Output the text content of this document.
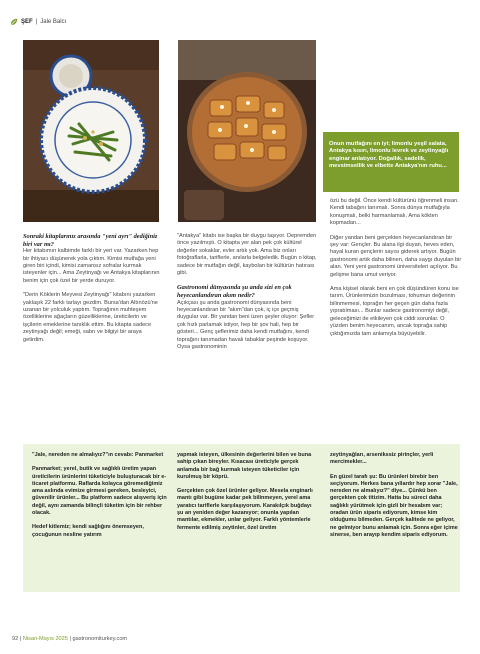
ŞEF | Jale Balcı

Onun mutfağını en iyi; limonlu yeşil salata, Antakya kısırı, limonlu levrek ve zeytinyağlı enginar anlatıyor. Doğallık, sadelik, mevsimsellik ve elbette Antakya'nın ruhu...

Sonraki kitaplarınız arasında "yeni ayrı" dediğiniz biri var mı?

Her kitabımın kalbimde farklı bir yeri var. Yazarken hep bir ihtiyacı düşünerek yola çıktım. Kimisi mutfağa yeni giren biri içindi, kimisi zamansız sofralar kurmak isteyenler için... Ama Zeytinyağı ve Antakya kitaplarının benim için çok özel bir yerde duruyor.

"Derin Köklerin Meyvesi Zeytinyağı" kitabını yazarken yaklaşık 22 farklı tarlayı gezdim. Bursa'dan Altınözü'ne uzanan bir yolculuk yaptım. Toprağının muhteşem özelliklerine ağaçların güzelliklerine, üreticilerin ve işçilerin emeklerine tanıklık ettim. Bu kitapta sadece zeytinyağı değil; emeği, sabrı ve bilgiyi bir araya getirdim.

"Antakya" kitabı ise başka bir duygu taşıyor. Depremden önce yazılmıştı. O kitapta yer alan pek çok kültürel değerler sokaklar, evler artık yok. Ama biz onları fotoğraflarla, tariflerle, anılarla belgeledik. Bugün o kitap, sadece bir mutfağın değil, kaybolan bir kültürün hatırası gibi.

Gastronomi dünyasında şu anda sizi en çok heyecanlandıran akım nedir?

Açıkçası şu anda gastronomi dünyasında beni heyecanlandıran bir "akım"dan çok, iç içe geçmiş duygular var. Bir yandan beni üzen şeyler oluyor: Şefler çok hızlı parlamak istiyor, hep bir şov hali, hep bir gösteri... Genç şeflerimiz daha kendi mutfağını, kendi toprağını tanımadan havalı tabaklar peşinde koşuyor. Oysa gastronominin

özü bu değil. Önce kendi kültürünü öğrenmeli insan. Kendi tabağını tanımalı. Sonra dünya mutfağıyla konuşmalı, belki harmanlamalı. Ama kökten kopmadan...

Diğer yandan beni gerçekten heyecanlandıran bir şey var: Gençler. Bu alana ilgi duyan, heves eden, hayal kuran gençlerin sayısı giderek artıyor. Bugün gastronomi artık daha bilinen, daha saygı duyulan bir alan. Yeni yeni gastronomi üniversiteleri açılıyor. Bu gelişme bana umut veriyor.

Ama kişisel olarak beni en çok düşündüren konu ise tarım. Ürünlerimizin bozulması, tohumun değerinin bilinmemesi, toprağın her geçen gün daha fazla yıpratılması... Bunlar sadece gastronomiyi değil, geleceğimizi de etkileyen çok ciddi sorunlar. O yüzden benim heyecanım, ancak toprağa sahip çıktığımızda tam anlamıyla büyüyebilir.

"Jale, nereden ne almalıyız?"ın cevabı: Panmarket

Panmarket; yerel, butik ve sağlıklı üretim yapan üreticilerin ürünlerini tüketiciyle buluşturacak bir e-ticaret platformu. Raflarda kolayca göremediğimiz ama aslında evimize girmesi gereken, besleyici, güvenilir ürünler... Bu platform sadece alışveriş için değil, aynı zamanda bilinçli tüketim için bir rehber olacak.

Hedef kitlemiz; kendi sağlığını önemseyen, çocuğunun nesline yatırım

yapmak isteyen, ülkesinin değerlerini bilen ve buna sahip çıkan bireyler. Kısacası üreticiyle gerçek anlamda bir bağ kurmak isteyen tüketiciler için kurulmuş bir köprü.

Gerçekten çok özel ürünler geliyor. Mesela enginarlı mantı gibi bugüne kadar pek bilinmeyen, yerel ama yaratıcı tariflerle karşılaşıyorum. Karakılçık buğdayı şu an yeniden değer kazanıyor; onunla yapılan mantılar, ekmekler, unlar geliyor. Farklı yöntemlerle fermente edilmiş zeytinler, özel üretim

zeytinyağları, arsenikssiz pirinçler, yerli mercimekler...

En güzel tarafı şu: Bu ürünleri birebir ben seçiyorum. Herkes bana yıllardır hep sorar "Jale, nereden ne almalıyız?" diye... Çünkü ben gerçekten çok titizim. Hatta bu süreci daha sağlıklı yürütmek için gizli bir hesabım var; oradan ürün siparis ediyorum, kimse kim olduğumu bilmeden. Gerçek kalitede ne geliyor, ne gelmiyor bunu anlamak için. Sonra eğer içime sinerse, ben arayıp kendim siparis ediyorum.

92 | Nisan-Mayıs 2025 | gastronomiturkey.com
